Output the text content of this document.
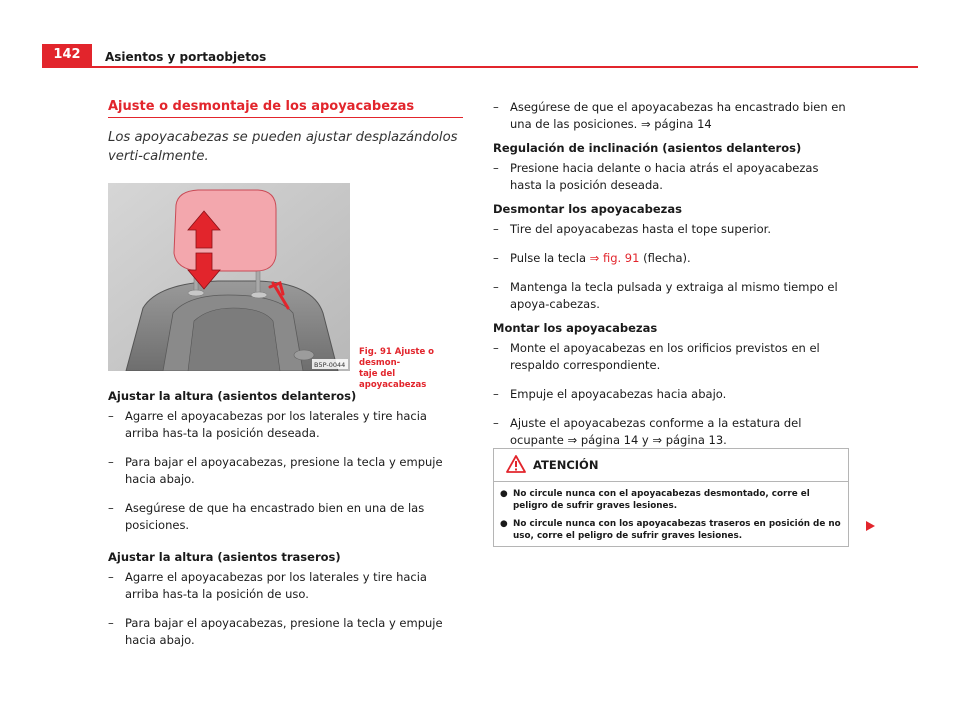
142	Asientos y portaobjetos
Ajuste o desmontaje de los apoyacabezas
Los apoyacabezas se pueden ajustar desplazándolos verti-calmente.
B5P-0044
Fig. 91 Ajuste o desmon-
taje del apoyacabezas
Ajustar la altura (asientos delanteros)
– Agarre el apoyacabezas por los laterales y tire hacia arriba has-ta la posición deseada.
– Para bajar el apoyacabezas, presione la tecla y empuje hacia abajo.
– Asegúrese de que ha encastrado bien en una de las posiciones.
Ajustar la altura (asientos traseros)
– Agarre el apoyacabezas por los laterales y tire hacia arriba has-ta la posición de uso.
– Para bajar el apoyacabezas, presione la tecla y empuje hacia abajo.
– Asegúrese de que el apoyacabezas ha encastrado bien en una de las posiciones. ⇒ página 14
Regulación de inclinación (asientos delanteros)
– Presione hacia delante o hacia atrás el apoyacabezas hasta la posición deseada.
Desmontar los apoyacabezas
– Tire del apoyacabezas hasta el tope superior.
– Pulse la tecla ⇒ fig. 91 (flecha).
– Mantenga la tecla pulsada y extraiga al mismo tiempo el apoya-cabezas.
Montar los apoyacabezas
– Monte el apoyacabezas en los orificios previstos en el respaldo correspondiente.
– Empuje el apoyacabezas hacia abajo.
– Ajuste el apoyacabezas conforme a la estatura del ocupante ⇒ página 14 y ⇒ página 13.
ATENCIÓN
● No circule nunca con el apoyacabezas desmontado, corre el peligro de sufrir graves lesiones.
● No circule nunca con los apoyacabezas traseros en posición de no uso, corre el peligro de sufrir graves lesiones.
